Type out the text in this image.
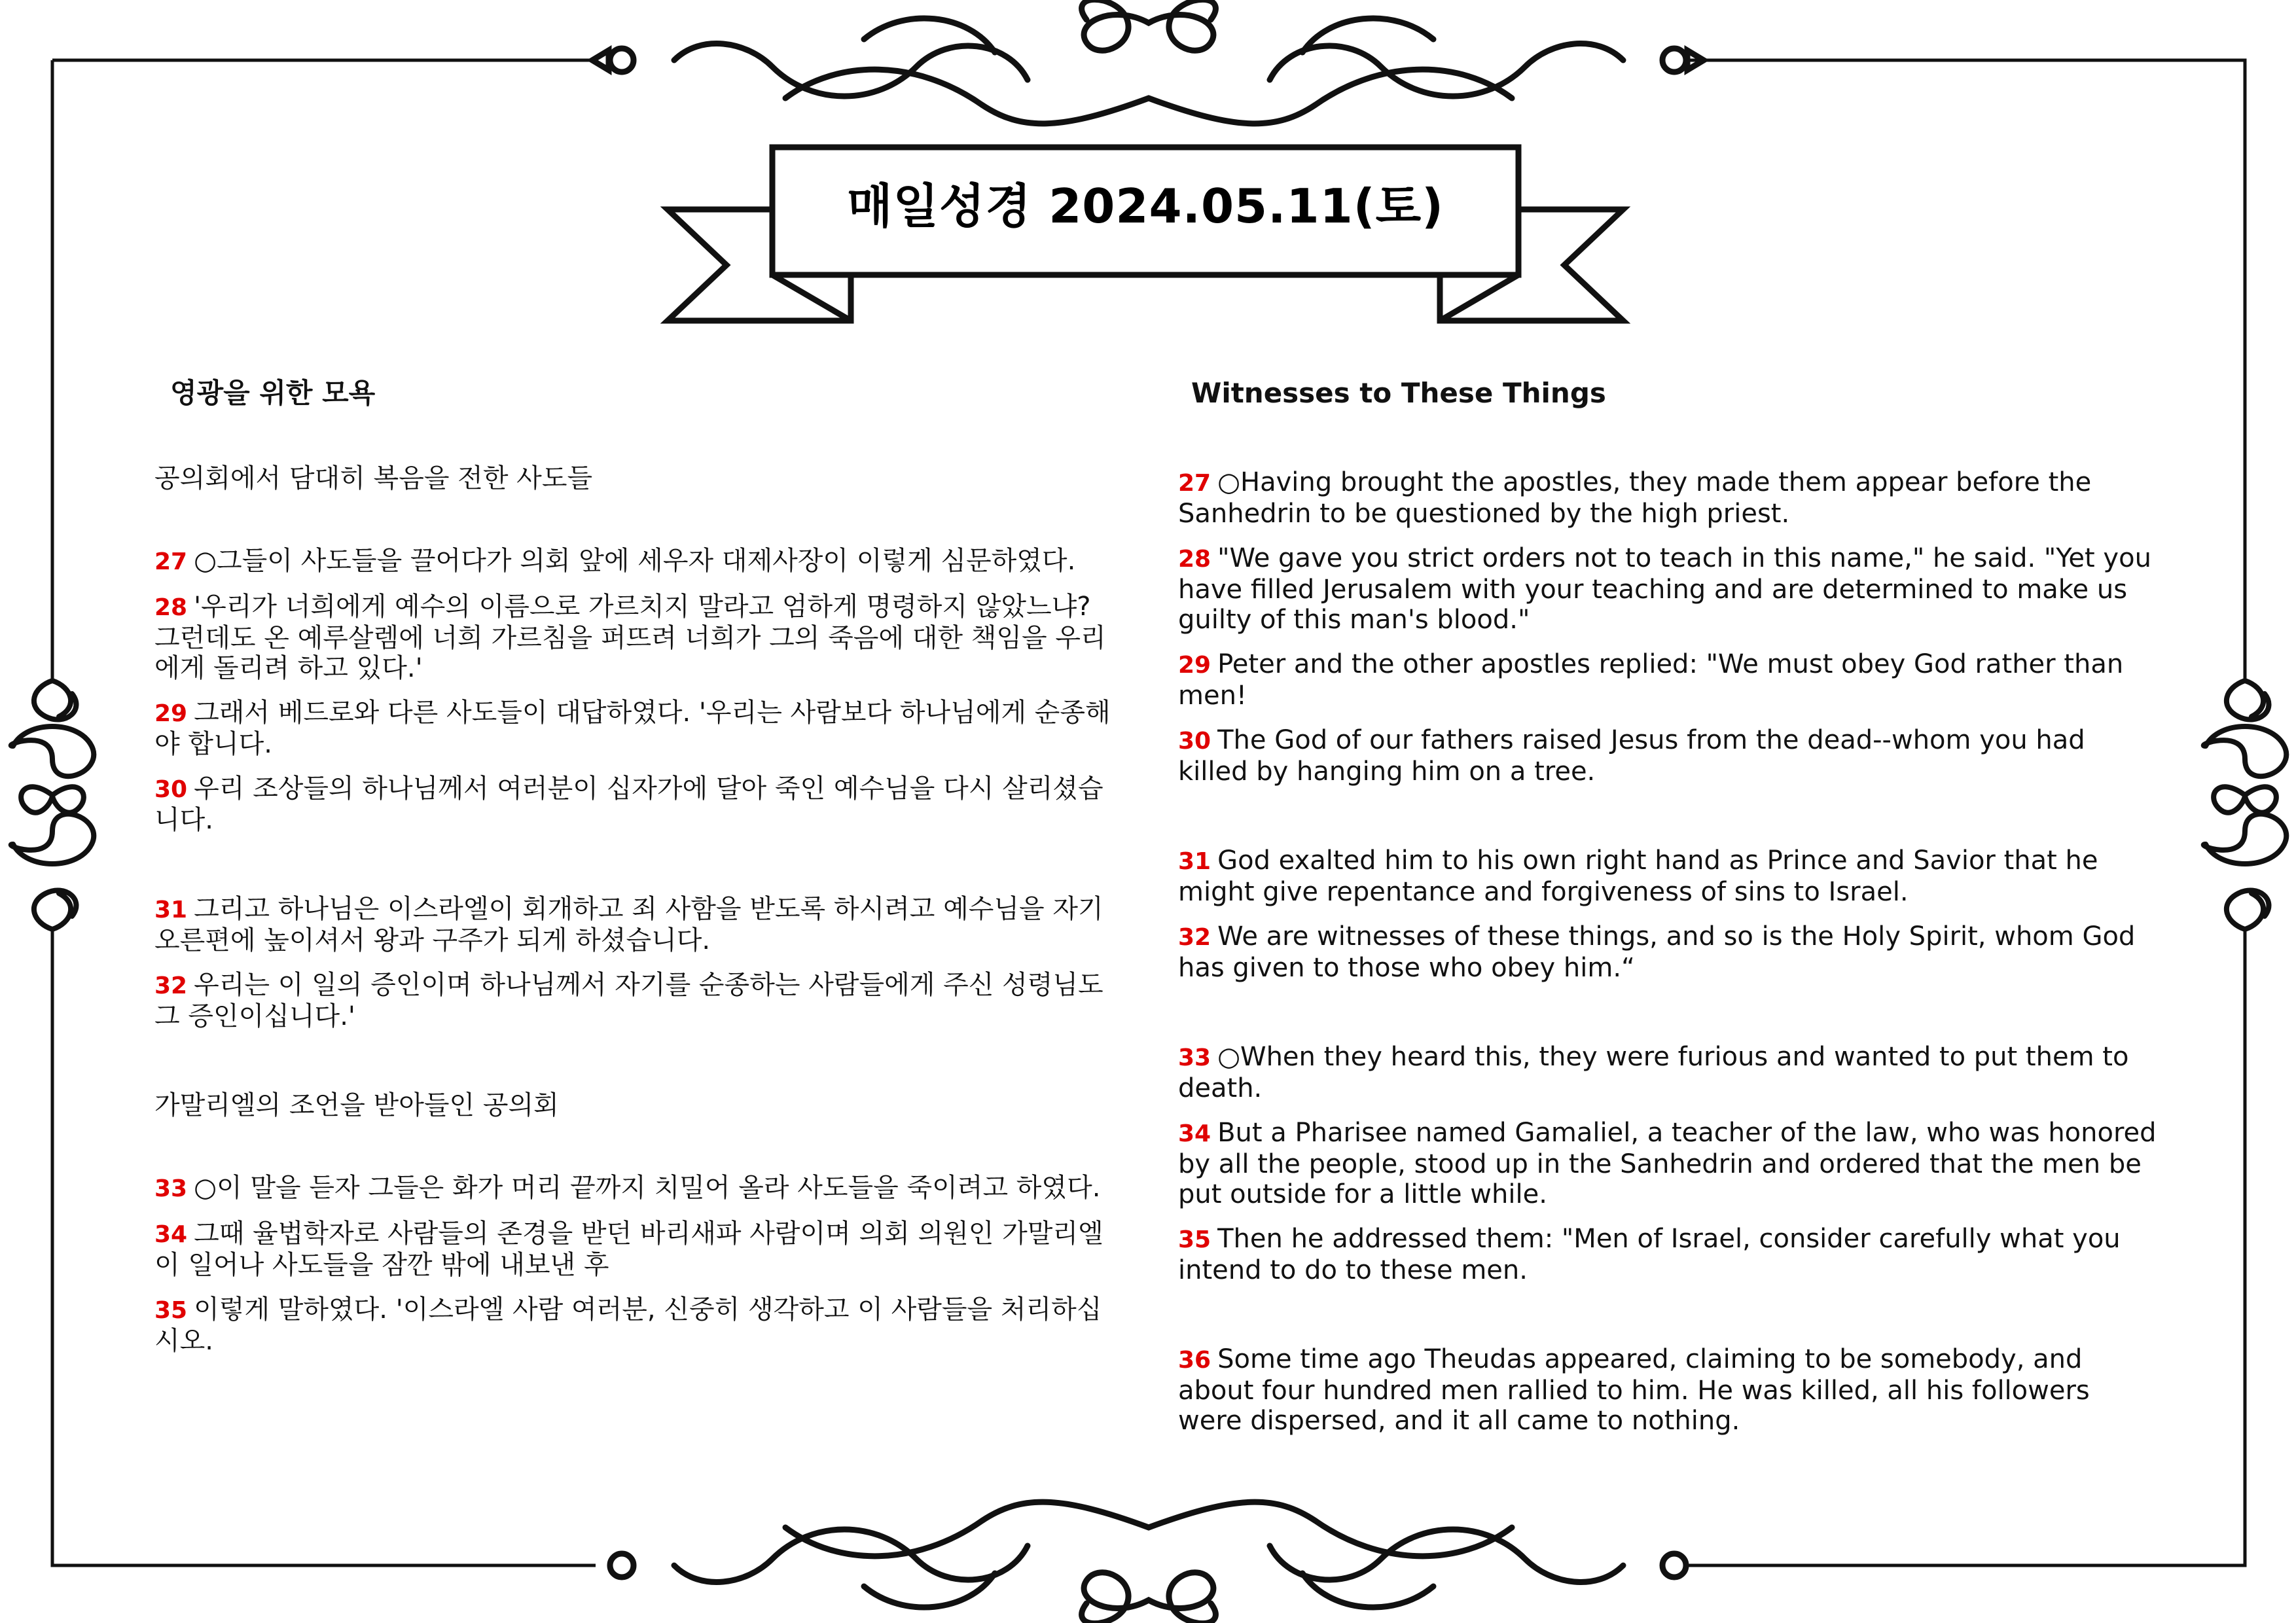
매일성경 2024.05.11(토)
영광을 위한 모욕
공의회에서 담대히 복음을 전한 사도들

27 ○그들이 사도들을 끌어다가 의회 앞에 세우자 대제사장이 이렇게 심문하였다.

28 '우리가 너희에게 예수의 이름으로 가르치지 말라고 엄하게 명령하지 않았느냐? 그런데도 온 예루살렘에 너희 가르침을 퍼뜨려 너희가 그의 죽음에 대한 책임을 우리에게 돌리려 하고 있다.'

29 그래서 베드로와 다른 사도들이 대답하였다. '우리는 사람보다 하나님에게 순종해야 합니다.

30 우리 조상들의 하나님께서 여러분이 십자가에 달아 죽인 예수님을 다시 살리셨습니다.

31 그리고 하나님은 이스라엘이 회개하고 죄 사함을 받도록 하시려고 예수님을 자기 오른편에 높이셔서 왕과 구주가 되게 하셨습니다.

32 우리는 이 일의 증인이며 하나님께서 자기를 순종하는 사람들에게 주신 성령님도 그 증인이십니다.'

가말리엘의 조언을 받아들인 공의회

33 ○이 말을 듣자 그들은 화가 머리 끝까지 치밀어 올라 사도들을 죽이려고 하였다.

34 그때 율법학자로 사람들의 존경을 받던 바리새파 사람이며 의회 의원인 가말리엘이 일어나 사도들을 잠깐 밖에 내보낸 후

35 이렇게 말하였다. '이스라엘 사람 여러분, 신중히 생각하고 이 사람들을 처리하십시오.

Witnesses to These Things

27 ○Having brought the apostles, they made them appear before the Sanhedrin to be questioned by the high priest.

28 "We gave you strict orders not to teach in this name," he said. "Yet you have filled Jerusalem with your teaching and are determined to make us guilty of this man's blood."

29 Peter and the other apostles replied: "We must obey God rather than men!

30 The God of our fathers raised Jesus from the dead--whom you had killed by hanging him on a tree.

31 God exalted him to his own right hand as Prince and Savior that he might give repentance and forgiveness of sins to Israel.

32 We are witnesses of these things, and so is the Holy Spirit, whom God has given to those who obey him.“

33 ○When they heard this, they were furious and wanted to put them to death.

34 But a Pharisee named Gamaliel, a teacher of the law, who was honored by all the people, stood up in the Sanhedrin and ordered that the men be put outside for a little while.

35 Then he addressed them: "Men of Israel, consider carefully what you intend to do to these men.

36 Some time ago Theudas appeared, claiming to be somebody, and about four hundred men rallied to him. He was killed, all his followers were dispersed, and it all came to nothing.
